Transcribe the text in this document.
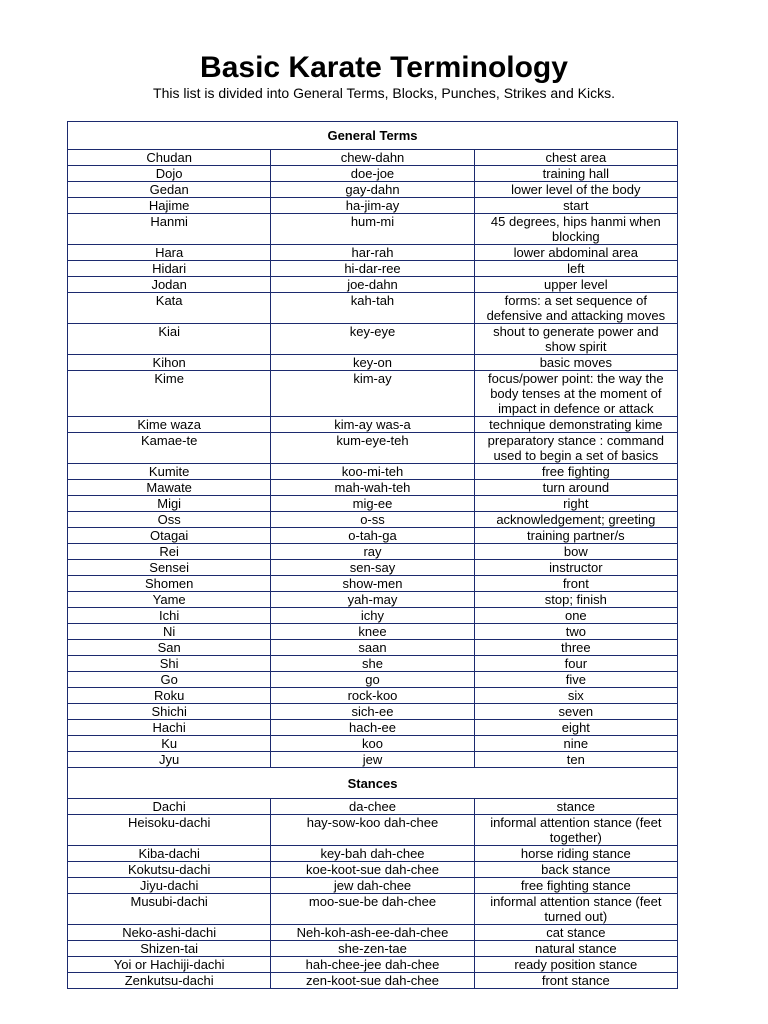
Basic Karate Terminology
This list is divided into General Terms, Blocks, Punches, Strikes and Kicks.
General Terms		
Chudan	chew-dahn	chest area
Dojo	doe-joe	training hall
Gedan	gay-dahn	lower level of the body
Hajime	ha-jim-ay	start
Hanmi	hum-mi	45 degrees, hips hanmi when blocking
Hara	har-rah	lower abdominal area
Hidari	hi-dar-ree	left
Jodan	joe-dahn	upper level
Kata	kah-tah	forms: a set sequence of defensive and attacking moves
Kiai	key-eye	shout to generate power and show spirit
Kihon	key-on	basic moves
Kime	kim-ay	focus/power point: the way the body tenses at the moment of impact in defence or attack
Kime waza	kim-ay was-a	technique demonstrating kime
Kamae-te	kum-eye-teh	preparatory stance : command used to begin a set of basics
Kumite	koo-mi-teh	free fighting
Mawate	mah-wah-teh	turn around
Migi	mig-ee	right
Oss	o-ss	acknowledgement; greeting
Otagai	o-tah-ga	training partner/s
Rei	ray	bow
Sensei	sen-say	instructor
Shomen	show-men	front
Yame	yah-may	stop; finish
Ichi	ichy	one
Ni	knee	two
San	saan	three
Shi	she	four
Go	go	five
Roku	rock-koo	six
Shichi	sich-ee	seven
Hachi	hach-ee	eight
Ku	koo	nine
Jyu	jew	ten
Stances		
Dachi	da-chee	stance
Heisoku-dachi	hay-sow-koo dah-chee	informal attention stance (feet together)
Kiba-dachi	key-bah dah-chee	horse riding stance
Kokutsu-dachi	koe-koot-sue dah-chee	back stance
Jiyu-dachi	jew dah-chee	free fighting stance
Musubi-dachi	moo-sue-be dah-chee	informal attention stance (feet turned out)
Neko-ashi-dachi	Neh-koh-ash-ee-dah-chee	cat stance
Shizen-tai	she-zen-tae	natural stance
Yoi or Hachiji-dachi	hah-chee-jee dah-chee	ready position stance
Zenkutsu-dachi	zen-koot-sue dah-chee	front stance
